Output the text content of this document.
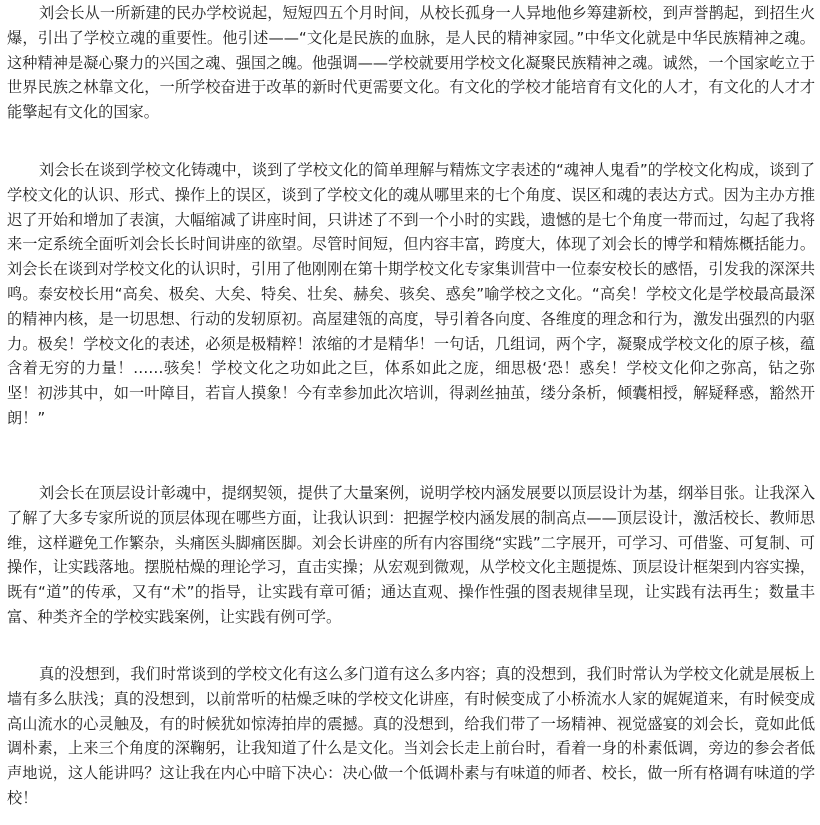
刘会长从一所新建的民办学校说起，短短四五个月时间，从校长孤身一人异地他乡筹建新校，到声誉鹊起，到招生火爆，引出了学校立魂的重要性。他引述——“文化是民族的血脉，是人民的精神家园。”中华文化就是中华民族精神之魂。这种精神是凝心聚力的兴国之魂、强国之魄。他强调——学校就要用学校文化凝聚民族精神之魂。诚然，一个国家屹立于世界民族之林靠文化，一所学校奋进于改革的新时代更需要文化。有文化的学校才能培育有文化的人才，有文化的人才才能擎起有文化的国家。

刘会长在谈到学校文化铸魂中，谈到了学校文化的简单理解与精炼文字表述的“魂神人鬼看”的学校文化构成，谈到了学校文化的认识、形式、操作上的误区，谈到了学校文化的魂从哪里来的七个角度、误区和魂的表达方式。因为主办方推迟了开始和增加了表演，大幅缩减了讲座时间，只讲述了不到一个小时的实践，遗憾的是七个角度一带而过，勾起了我将来一定系统全面听刘会长长时间讲座的欲望。尽管时间短，但内容丰富，跨度大，体现了刘会长的博学和精炼概括能力。刘会长在谈到对学校文化的认识时，引用了他刚刚在第十期学校文化专家集训营中一位泰安校长的感悟，引发我的深深共鸣。泰安校长用“高矣、极矣、大矣、特矣、壮矣、赫矣、骇矣、惑矣”喻学校之文化。“高矣！学校文化是学校最高最深的精神内核，是一切思想、行动的发轫原初。高屋建瓴的高度，导引着各向度、各维度的理念和行为，激发出强烈的内驱力。极矣！学校文化的表述，必须是极精粹！浓缩的才是精华！一句话，几组词，两个字，凝聚成学校文化的原子核，蕴含着无穷的力量！……骇矣！学校文化之功如此之巨，体系如此之庞，细思极‘恐！惑矣！学校文化仰之弥高，钻之弥坚！初涉其中，如一叶障目，若盲人摸象！今有幸参加此次培训，得剥丝抽茧，缕分条析，倾囊相授，解疑释惑，豁然开朗！”

刘会长在顶层设计彰魂中，提纲契领，提供了大量案例，说明学校内涵发展要以顶层设计为基，纲举目张。让我深入了解了大多专家所说的顶层体现在哪些方面，让我认识到：把握学校内涵发展的制高点——顶层设计，激活校长、教师思维，这样避免工作繁杂，头痛医头脚痛医脚。刘会长讲座的所有内容围绕“实践”二字展开，可学习、可借鉴、可复制、可操作，让实践落地。摆脱枯燥的理论学习，直击实操；从宏观到微观，从学校文化主题提炼、顶层设计框架到内容实操，既有“道”的传承，又有“术”的指导，让实践有章可循；通达直观、操作性强的图表规律呈现，让实践有法再生；数量丰富、种类齐全的学校实践案例，让实践有例可学。

真的没想到，我们时常谈到的学校文化有这么多门道有这么多内容；真的没想到，我们时常认为学校文化就是展板上墙有多么肤浅；真的没想到，以前常听的枯燥乏味的学校文化讲座，有时候变成了小桥流水人家的娓娓道来，有时候变成高山流水的心灵触及，有的时候犹如惊涛拍岸的震撼。真的没想到，给我们带了一场精神、视觉盛宴的刘会长，竟如此低调朴素，上来三个角度的深鞠躬，让我知道了什么是文化。当刘会长走上前台时，看着一身的朴素低调，旁边的参会者低声地说，这人能讲吗？这让我在内心中暗下决心：决心做一个低调朴素与有味道的师者、校长，做一所有格调有味道的学校！
